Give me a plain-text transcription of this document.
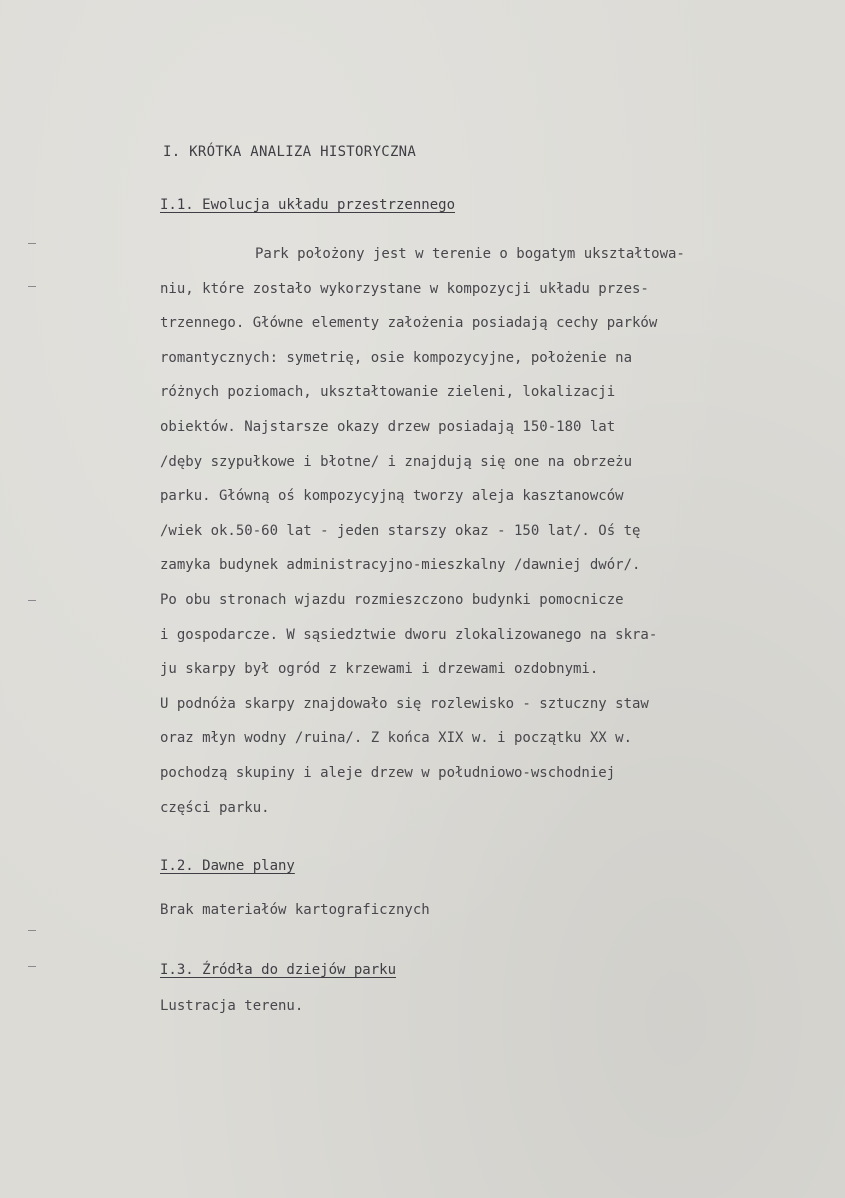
I. KRÓTKA ANALIZA HISTORYCZNA
I.1. Ewolucja układu przestrzennego
Park położony jest w terenie o bogatym ukształtowa-
niu, które zostało wykorzystane w kompozycji układu przes-
trzennego. Główne elementy założenia posiadają cechy parków
romantycznych: symetrię, osie kompozycyjne, położenie na
różnych poziomach, ukształtowanie zieleni, lokalizacji
obiektów. Najstarsze okazy drzew posiadają 150-180 lat
/dęby szypułkowe i błotne/ i znajdują się one na obrzeżu
parku. Główną oś kompozycyjną tworzy aleja kasztanowców
/wiek ok.50-60 lat - jeden starszy okaz - 150 lat/. Oś tę
zamyka budynek administracyjno-mieszkalny /dawniej dwór/.
Po obu stronach wjazdu rozmieszczono budynki pomocnicze
i gospodarcze. W sąsiedztwie dworu zlokalizowanego na skra-
ju skarpy był ogród z krzewami i drzewami ozdobnymi.
U podnóża skarpy znajdowało się rozlewisko - sztuczny staw
oraz młyn wodny /ruina/. Z końca XIX w. i początku XX w.
pochodzą skupiny i aleje drzew w południowo-wschodniej
części parku.
I.2. Dawne plany
Brak materiałów kartograficznych
I.3. Źródła do dziejów parku
Lustracja terenu.
